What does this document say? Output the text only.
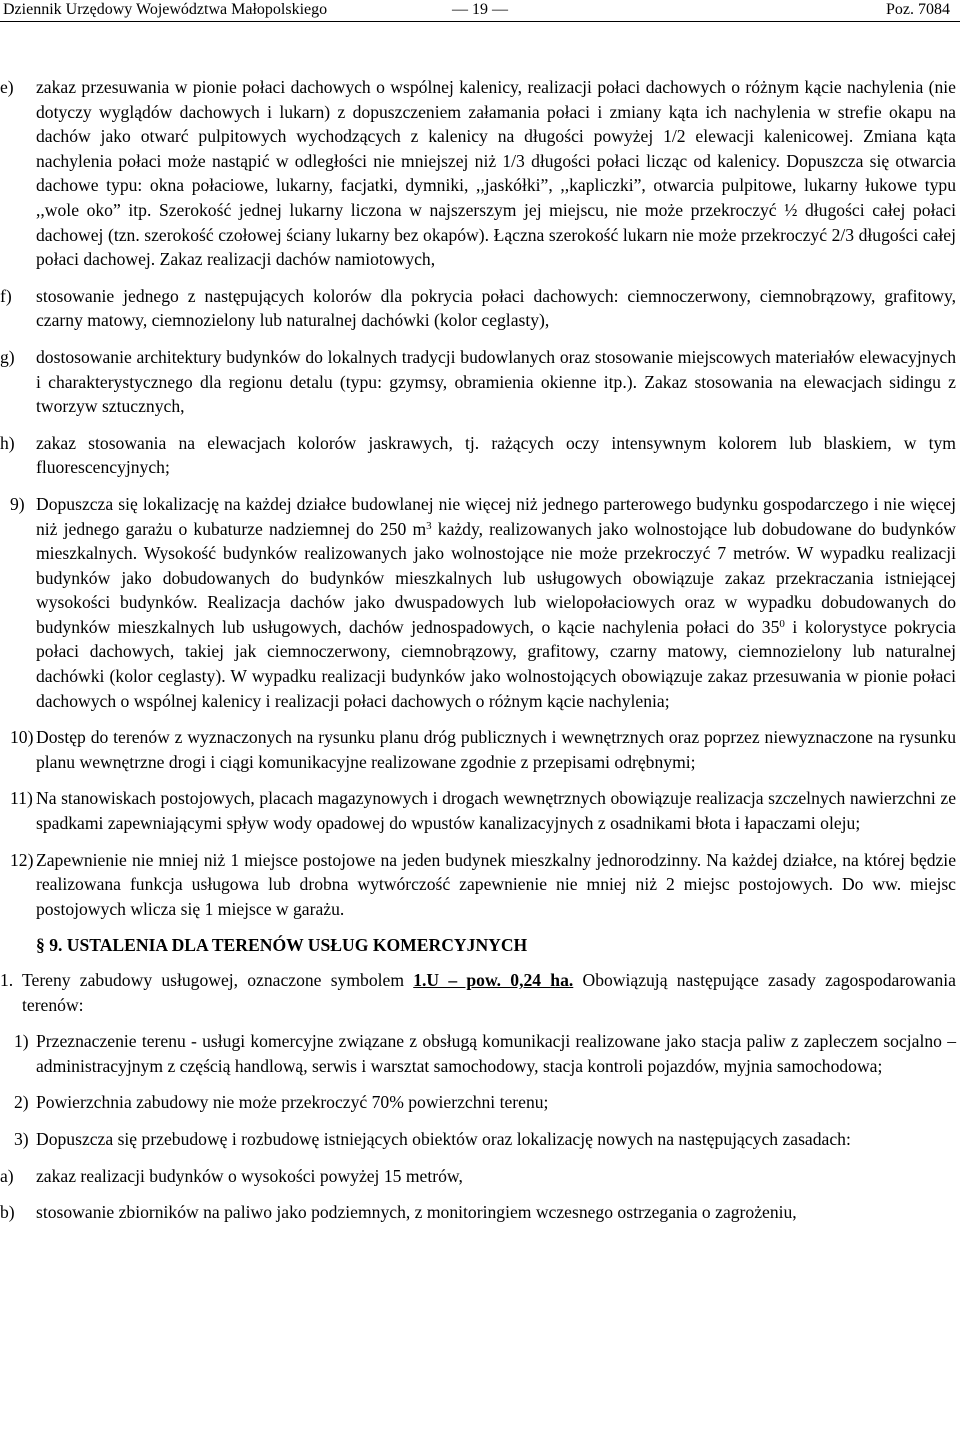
Dziennik Urzędowy Województwa Małopolskiego	— 19 —	Poz. 7084

e) zakaz przesuwania w pionie połaci dachowych o wspólnej kalenicy, realizacji połaci dachowych o różnym kącie nachylenia (nie dotyczy wyglądów dachowych i lukarn) z dopuszczeniem załamania połaci i zmiany kąta ich nachylenia w strefie okapu na dachów jako otwarć pulpitowych wychodzących z kalenicy na długości powyżej 1/2 elewacji kalenicowej. Zmiana kąta nachylenia połaci może nastąpić w odległości nie mniejszej niż 1/3 długości połaci licząc od kalenicy. Dopuszcza się otwarcia dachowe typu: okna połaciowe, lukarny, facjatki, dymniki, ,,jaskółki”, ,,kapliczki”, otwarcia pulpitowe, lukarny łukowe typu ,,wole oko” itp. Szerokość jednej lukarny liczona w najszerszym jej miejscu, nie może przekroczyć ½ długości całej połaci dachowej (tzn. szerokość czołowej ściany lukarny bez okapów). Łączna szerokość lukarn nie może przekroczyć 2/3 długości całej połaci dachowej. Zakaz realizacji dachów namiotowych,

f) stosowanie jednego z następujących kolorów dla pokrycia połaci dachowych: ciemnoczerwony, ciemnobrązowy, grafitowy, czarny matowy, ciemnozielony lub naturalnej dachówki (kolor ceglasty),

g) dostosowanie architektury budynków do lokalnych tradycji budowlanych oraz stosowanie miejscowych materiałów elewacyjnych i charakterystycznego dla regionu detalu (typu: gzymsy, obramienia okienne itp.). Zakaz stosowania na elewacjach sidingu z tworzyw sztucznych,

h) zakaz stosowania na elewacjach kolorów jaskrawych, tj. rażących oczy intensywnym kolorem lub blaskiem, w tym fluorescencyjnych;

9) Dopuszcza się lokalizację na każdej działce budowlanej nie więcej niż jednego parterowego budynku gospodarczego i nie więcej niż jednego garażu o kubaturze nadziemnej do 250 $m^3$ każdy, realizowanych jako wolnostojące lub dobudowane do budynków mieszkalnych. Wysokość budynków realizowanych jako wolnostojące nie może przekroczyć 7 metrów. W wypadku realizacji budynków jako dobudowanych do budynków mieszkalnych lub usługowych obowiązuje zakaz przekraczania istniejącej wysokości budynków. Realizacja dachów jako dwuspadowych lub wielopołaciowych oraz w wypadku dobudowanych do budynków mieszkalnych lub usługowych, dachów jednospadowych, o kącie nachylenia połaci do $35^0$ i kolorystyce pokrycia połaci dachowych, takiej jak ciemnoczerwony, ciemnobrązowy, grafitowy, czarny matowy, ciemnozielony lub naturalnej dachówki (kolor ceglasty). W wypadku realizacji budynków jako wolnostojących obowiązuje zakaz przesuwania w pionie połaci dachowych o wspólnej kalenicy i realizacji połaci dachowych o różnym kącie nachylenia;

10) Dostęp do terenów z wyznaczonych na rysunku planu dróg publicznych i wewnętrznych oraz poprzez niewyznaczone na rysunku planu wewnętrzne drogi i ciągi komunikacyjne realizowane zgodnie z przepisami odrębnymi;

11) Na stanowiskach postojowych, placach magazynowych i drogach wewnętrznych obowiązuje realizacja szczelnych nawierzchni ze spadkami zapewniającymi spływ wody opadowej do wpustów kanalizacyjnych z osadnikami błota i łapaczami oleju;

12) Zapewnienie nie mniej niż 1 miejsce postojowe na jeden budynek mieszkalny jednorodzinny. Na każdej działce, na której będzie realizowana funkcja usługowa lub drobna wytwórczość zapewnienie nie mniej niż 2 miejsc postojowych. Do ww. miejsc postojowych wlicza się 1 miejsce w garażu.

§ 9. USTALENIA DLA TERENÓW USŁUG KOMERCYJNYCH

1. Tereny zabudowy usługowej, oznaczone symbolem 1.U – pow. 0,24 ha. Obowiązują następujące zasady zagospodarowania terenów:

1) Przeznaczenie terenu - usługi komercyjne związane z obsługą komunikacji realizowane jako stacja paliw z zapleczem socjalno – administracyjnym z częścią handlową, serwis i warsztat samochodowy, stacja kontroli pojazdów, myjnia samochodowa;

2) Powierzchnia zabudowy nie może przekroczyć 70% powierzchni terenu;

3) Dopuszcza się przebudowę i rozbudowę istniejących obiektów oraz lokalizację nowych na następujących zasadach:

a) zakaz realizacji budynków o wysokości powyżej 15 metrów,

b) stosowanie zbiorników na paliwo jako podziemnych, z monitoringiem wczesnego ostrzegania o zagrożeniu,
